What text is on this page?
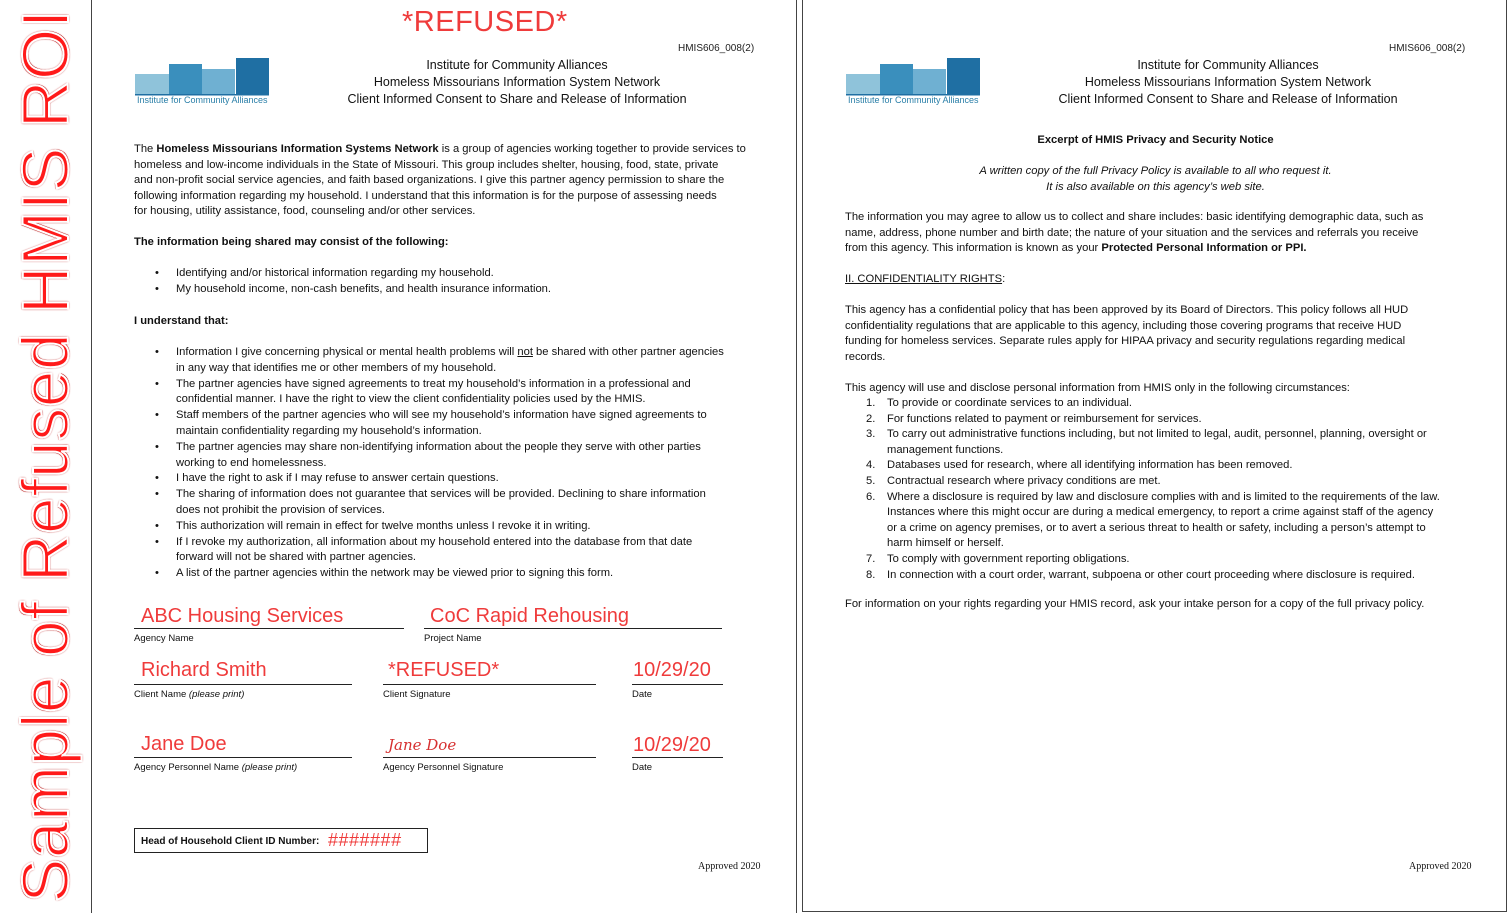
Sample of Refused HMIS ROI	*REFUSED*
HMIS606_008(2)
Institute for Community Alliances
Institute for Community Alliances
Homeless Missourians Information System Network
Client Informed Consent to Share and Release of Information
The Homeless Missourians Information Systems Network is a group of agencies working together to provide services to
homeless and low-income individuals in the State of Missouri. This group includes shelter, housing, food, state, private
and non-profit social service agencies, and faith based organizations. I give this partner agency permission to share the
following information regarding my household. I understand that this information is for the purpose of assessing needs
for housing, utility assistance, food, counseling and/or other services.
The information being shared may consist of the following:
• Identifying and/or historical information regarding my household.
• My household income, non-cash benefits, and health insurance information.
I understand that:
• Information I give concerning physical or mental health problems will not be shared with other partner agencies
in any way that identifies me or other members of my household.
• The partner agencies have signed agreements to treat my household’s information in a professional and
confidential manner. I have the right to view the client confidentiality policies used by the HMIS.
• Staff members of the partner agencies who will see my household’s information have signed agreements to
maintain confidentiality regarding my household’s information.
• The partner agencies may share non-identifying information about the people they serve with other parties
working to end homelessness.
• I have the right to ask if I may refuse to answer certain questions.
• The sharing of information does not guarantee that services will be provided. Declining to share information
does not prohibit the provision of services.
• This authorization will remain in effect for twelve months unless I revoke it in writing.
• If I revoke my authorization, all information about my household entered into the database from that date
forward will not be shared with partner agencies.
• A list of the partner agencies within the network may be viewed prior to signing this form.
ABC Housing Services
Agency Name
CoC Rapid Rehousing
Project Name
Richard Smith
Client Name (please print)
*REFUSED*
Client Signature
10/29/20
Date
Jane Doe
Agency Personnel Name (please print)
Jane Doe
Agency Personnel Signature
10/29/20
Date
Head of Household Client ID Number: #######
Approved 2020
HMIS606_008(2)
Institute for Community Alliances
Institute for Community Alliances
Homeless Missourians Information System Network
Client Informed Consent to Share and Release of Information
Excerpt of HMIS Privacy and Security Notice
A written copy of the full Privacy Policy is available to all who request it.
It is also available on this agency’s web site.
The information you may agree to allow us to collect and share includes: basic identifying demographic data, such as
name, address, phone number and birth date; the nature of your situation and the services and referrals you receive
from this agency. This information is known as your Protected Personal Information or PPI.
II. CONFIDENTIALITY RIGHTS:
This agency has a confidential policy that has been approved by its Board of Directors. This policy follows all HUD
confidentiality regulations that are applicable to this agency, including those covering programs that receive HUD
funding for homeless services. Separate rules apply for HIPAA privacy and security regulations regarding medical
records.
This agency will use and disclose personal information from HMIS only in the following circumstances:
1. To provide or coordinate services to an individual.
2. For functions related to payment or reimbursement for services.
3. To carry out administrative functions including, but not limited to legal, audit, personnel, planning, oversight or
management functions.
4. Databases used for research, where all identifying information has been removed.
5. Contractual research where privacy conditions are met.
6. Where a disclosure is required by law and disclosure complies with and is limited to the requirements of the law.
Instances where this might occur are during a medical emergency, to report a crime against staff of the agency
or a crime on agency premises, or to avert a serious threat to health or safety, including a person’s attempt to
harm himself or herself.
7. To comply with government reporting obligations.
8. In connection with a court order, warrant, subpoena or other court proceeding where disclosure is required.
For information on your rights regarding your HMIS record, ask your intake person for a copy of the full privacy policy.
Approved 2020
